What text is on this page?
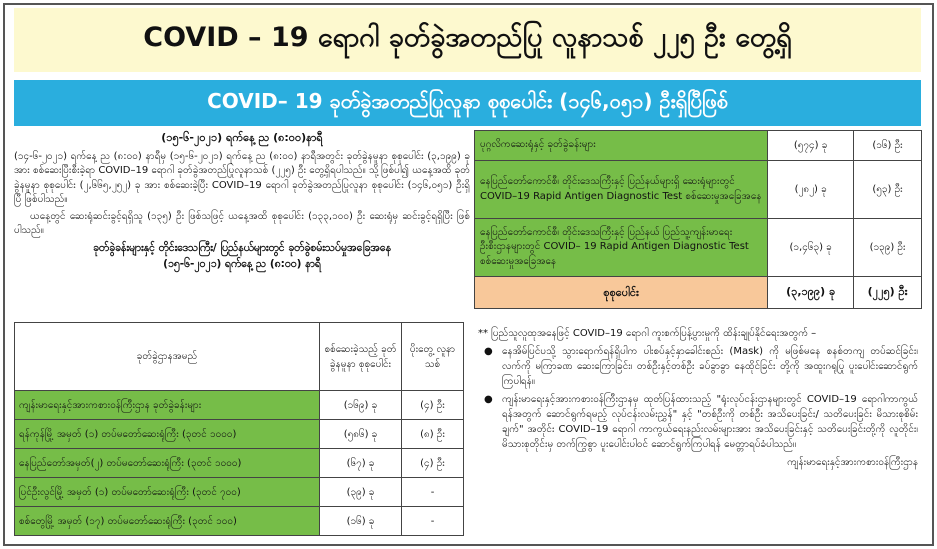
COVID – 19 ရောဂါ ခုတ်ခွဲအတည်ပြု လူနာသစ် ၂၂၅ ဦး တွေ့ရှိ
COVID– 19 ခုတ်ခွဲအတည်ပြုလူနာ စုစုပေါင်း (၁၄၆,၀၅၁) ဦးရှိပြီဖြစ်
(၁၅-၆-၂၀၂၁) ရက်နေ့ ည (၈:၀၀)နာရီ

(၁၄-၆-၂၀၂၁) ရက်နေ့ ည (၈:၀၀) နာရီမှ (၁၅-၆-၂၀၂၁) ရက်နေ့ ည (၈:၀၀) နာရီအတွင်း ခုတ်ခွဲနမူနာ စုစုပေါင်း (၃,၁၉၉) ခုအား စစ်ဆေးပြီးစီးခဲ့ရာ COVID–19 ရောဂါ ခုတ်ခွဲအတည်ပြုလူနာသစ် (၂၂၅) ဦး တွေ့ရှိရပါသည်။ သို့ဖြစ်ပါ၍ ယနေ့အထိ ခုတ်ခွဲနမူနာ စုစုပေါင်း (၂,၆၆၅,၂၅၂) ခု အား စစ်ဆေးခဲ့ပြီး COVID–19 ရောဂါ ခုတ်ခွဲအတည်ပြုလူနာ စုစုပေါင်း (၁၄၆,၀၅၁) ဦးရှိပြီ ဖြစ်ပါသည်။

ယနေ့တွင် ဆေးရုံဆင်းခွင့်ရရှိသူ (၁၃၅) ဦး ဖြစ်သဖြင့် ယနေ့အထိ စုစုပေါင်း (၁၃၃,၁၀၀) ဦး ဆေးရုံမှ ဆင်းခွင့်ရရှိပြီး ဖြစ်ပါသည်။

ခုတ်ခွဲခန်းများနှင့် တိုင်းဒေသကြီး/ ပြည်နယ်များတွင် ခုတ်ခွဲစမ်းသပ်မှုအခြေအနေ
(၁၅-၆-၂၀၂၁) ရက်နေ့ ည (၈:၀၀) နာရီ
ခုတ်ခွဲဌာနအမည်	စစ်ဆေးခဲ့သည့် ခုတ်ခွဲနမူနာ စုစုပေါင်း	ပိုးတွေ့ လူနာသစ်
ကျန်းမာရေးနှင့်အားကစားဝန်ကြီးဌာန ခုတ်ခွဲခန်းများ	(၁၆၉) ခု	(၄) ဦး
ရန်ကုန်မြို့ အမှတ် (၁) တပ်မတော်ဆေးရုံကြီး (၃တင် ၁၀၀၀)	(၅၈၆) ခု	(၈) ဦး
နေပြည်တော်အမှတ်(၂) တပ်မတော်ဆေးရုံကြီး (၃တင် ၁၀၀၀)	(၆၇) ခု	(၄) ဦး
ပြင်ဦးလွင်မြို့ အမှတ် (၁) တပ်မတော်ဆေးရုံကြီး (၃တင် ၇၀၀)	(၃၉) ခု	-
စစ်တွေမြို့ အမှတ် (၁၇) တပ်မတော်ဆေးရုံကြီး (၃တင် ၁၀၀)	(၁၆) ခု	-
ပုဂ္ဂလိကဆေးရုံနှင့် ခုတ်ခွဲခန်းများ	(၅၇၄) ခု	(၁၆) ဦး
နေပြည်တော်ကောင်စီ၊ တိုင်းဒေသကြီးနှင့် ပြည်နယ်များရှိ ဆေးရုံများတွင် COVID–19 Rapid Antigen Diagnostic Test စစ်ဆေးမှုအခြေအနေ	(၂၈၂) ခု	(၅၃) ဦး
နေပြည်တော်ကောင်စီ၊ တိုင်းဒေသကြီးနှင့် ပြည်နယ် ပြည်သူ့ကျန်းမာရေးဦးစီးဌာနများတွင် COVID– 19 Rapid Antigen Diagnostic Test စစ်ဆေးမှုအခြေအနေ	(၁,၄၆၃) ခု	(၁၃၉) ဦး
စုစုပေါင်း	(၃,၁၉၉) ခု	(၂၂၅) ဦး
** ပြည်သူလူထုအနေဖြင့် COVID–19 ရောဂါ ကူးစက်ပြန့်ပွားမှုကို ထိန်းချုပ်နိုင်ရေးအတွက် –
● နေအိမ်ပြင်ပသို့ သွားရောက်ရန်ရှိပါက ပါးစပ်နှင့်နှာခေါင်းစည်း (Mask) ကို မဖြစ်မနေ စနစ်တကျ တပ်ဆင်ခြင်း၊ လက်ကို မကြာခဏ ဆေးကြောခြင်း၊ တစ်ဦးနှင့်တစ်ဦး ခပ်ခွာခွာ နေထိုင်ခြင်း တို့ကို အထူးဂရုပြု ပူးပေါင်းဆောင်ရွက်ကြပါရန်။
● ကျန်းမာရေးနှင့်အားကစားဝန်ကြီးဌာနမှ ထုတ်ပြန်ထားသည့် "ရုံးလုပ်ငန်းဌာနများတွင် COVID–19 ရောဂါကာကွယ်ရန်အတွက် ဆောင်ရွက်ရမည့် လုပ်ငန်းလမ်းညွှန်" နှင့် "တစ်ဦးကို တစ်ဦး အသိပေးခြင်း/ သတိပေးခြင်း မိသားစုစိမ်းချက်" အတိုင်း COVID–19 ရောဂါ ကာကွယ်ရေးနည်းလမ်းများအား အသိပေးခြင်းနှင့် သတိပေးခြင်းတို့ကို လူတိုင်း၊ မိသားစုတိုင်းမှ တက်ကြွစွာ ပူးပေါင်းပါဝင် ဆောင်ရွက်ကြပါရန် မေတ္တာရပ်ခံပါသည်။
ကျန်းမာရေးနှင့်အားကစားဝန်ကြီးဌာန
